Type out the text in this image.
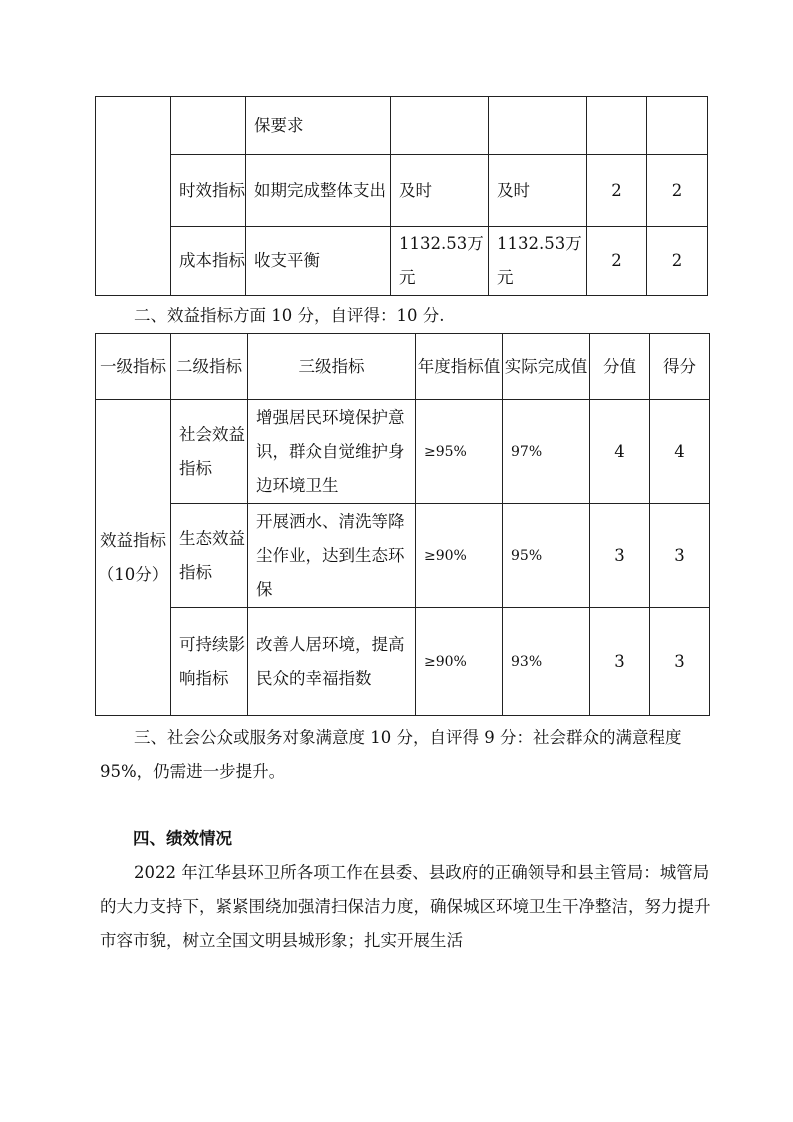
		保要求				
	时效指标	如期完成整体支出	及时	及时	2	2
	成本指标	收支平衡	1132.53万元	1132.53万元	2	2
二、效益指标方面 10 分，自评得：10 分.
一级指标	二级指标	三级指标	年度指标值	实际完成值	分值	得分
效益指标（10分）	社会效益指标	增强居民环境保护意识，群众自觉维护身边环境卫生	≥95%	97%	4	4
	生态效益指标	开展洒水、清洗等降尘作业，达到生态环保	≥90%	95%	3	3
	可持续影响指标	改善人居环境，提高民众的幸福指数	≥90%	93%	3	3
三、社会公众或服务对象满意度 10 分，自评得 9 分：社会群众的满意程度 95%，仍需进一步提升。
四、绩效情况
2022 年江华县环卫所各项工作在县委、县政府的正确领导和县主管局：城管局的大力支持下，紧紧围绕加强清扫保洁力度，确保城区环境卫生干净整洁，努力提升市容市貌，树立全国文明县城形象；扎实开展生活
